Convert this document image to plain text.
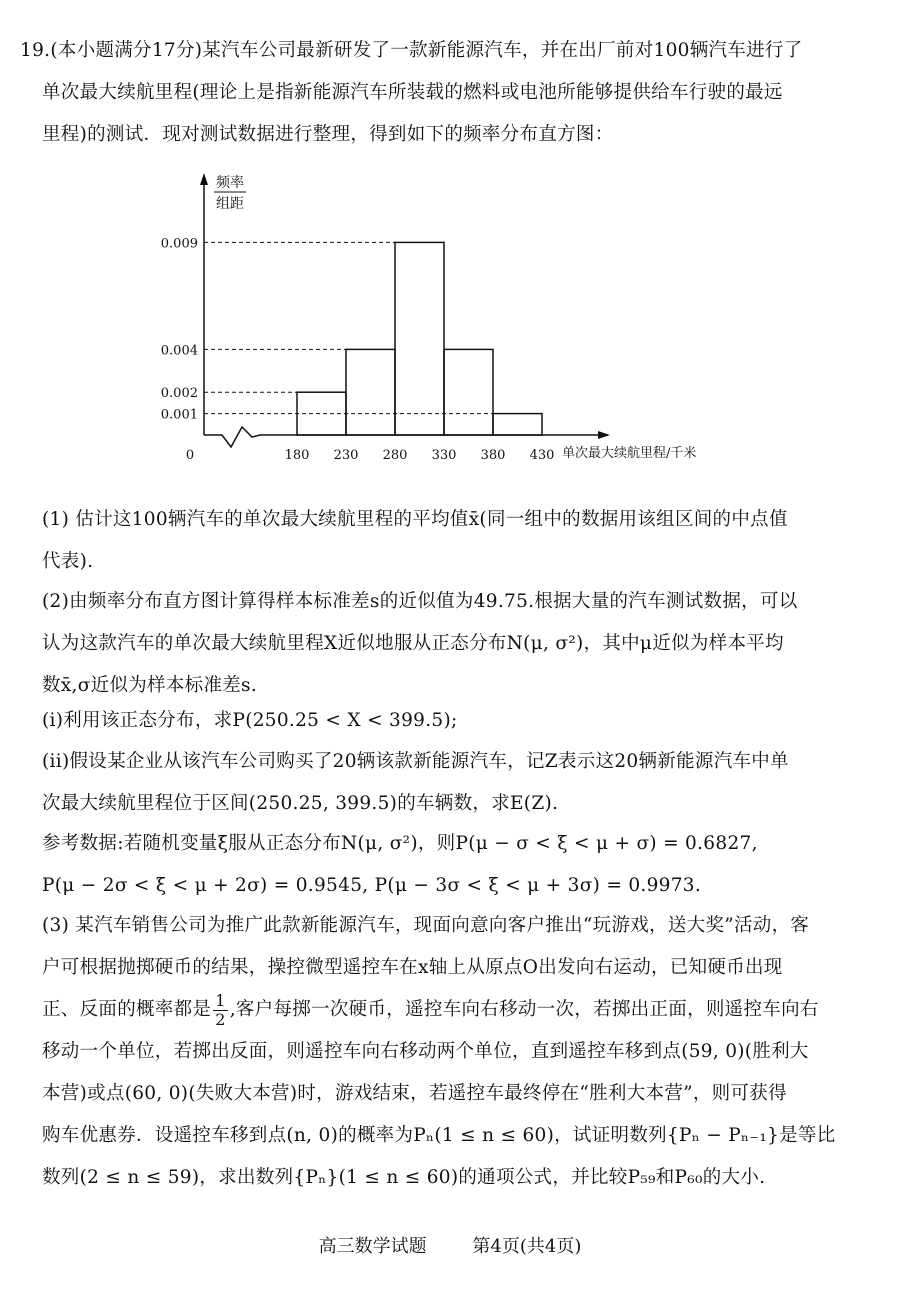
19.(本小题满分17分)某汽车公司最新研发了一款新能源汽车，并在出厂前对100辆汽车进行了
单次最大续航里程(理论上是指新能源汽车所装载的燃料或电池所能够提供给车行驶的最远
里程)的测试．现对测试数据进行整理，得到如下的频率分布直方图：
0.009
0.004
0.002
0.001
频率
组距
0	180 230 280 330 380 430 单次最大续航里程/千米
(1) 估计这100辆汽车的单次最大续航里程的平均值x̄(同一组中的数据用该组区间的中点值
代表).
(2)由频率分布直方图计算得样本标准差s的近似值为49.75.根据大量的汽车测试数据，可以
认为这款汽车的单次最大续航里程X近似地服从正态分布N(μ, σ²)，其中μ近似为样本平均
数x̄,σ近似为样本标准差s.
(i)利用该正态分布，求P(250.25 < X < 399.5);
(ii)假设某企业从该汽车公司购买了20辆该款新能源汽车，记Z表示这20辆新能源汽车中单
次最大续航里程位于区间(250.25, 399.5)的车辆数，求E(Z).
参考数据:若随机变量ξ服从正态分布N(μ, σ²)，则P(μ − σ < ξ < μ + σ) = 0.6827,
P(μ − 2σ < ξ < μ + 2σ) = 0.9545, P(μ − 3σ < ξ < μ + 3σ) = 0.9973.
(3) 某汽车销售公司为推广此款新能源汽车，现面向意向客户推出“玩游戏，送大奖”活动，客
户可根据抛掷硬币的结果，操控微型遥控车在x轴上从原点O出发向右运动，已知硬币出现
正、反面的概率都是 $\frac{1}{2}$ ,客户每掷一次硬币，遥控车向右移动一次，若掷出正面，则遥控车向右
移动一个单位，若掷出反面，则遥控车向右移动两个单位，直到遥控车移到点(59, 0)(胜利大
本营)或点(60, 0)(失败大本营)时，游戏结束，若遥控车最终停在“胜利大本营”，则可获得
购车优惠券．设遥控车移到点(n, 0)的概率为Pₙ(1 ≤ n ≤ 60)，试证明数列{Pₙ − Pₙ₋₁}是等比
数列(2 ≤ n ≤ 59)，求出数列{Pₙ}(1 ≤ n ≤ 60)的通项公式，并比较P₅₉和P₆₀的大小.
高三数学试题	第4页(共4页)
